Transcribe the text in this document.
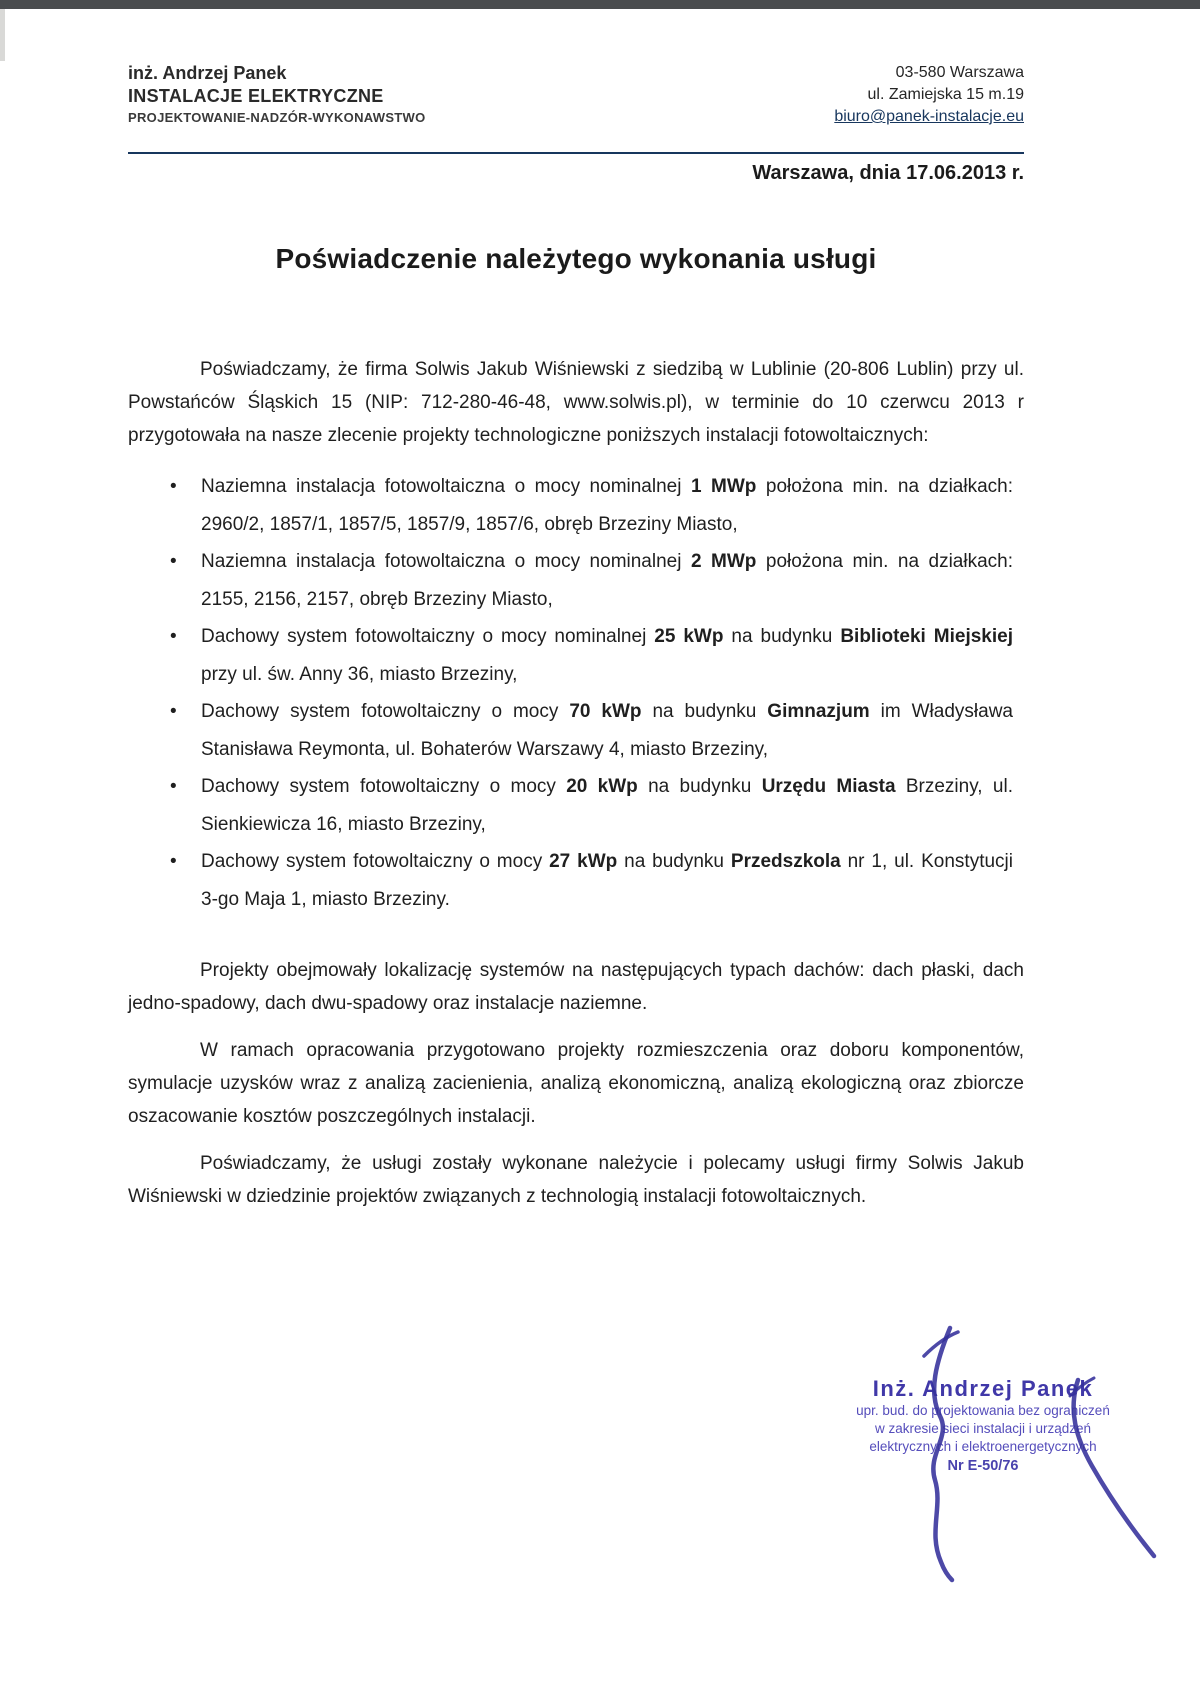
inż. Andrzej Panek
INSTALACJE ELEKTRYCZNE
PROJEKTOWANIE-NADZÓR-WYKONAWSTWO
03-580 Warszawa
ul. Zamiejska 15 m.19
biuro@panek-instalacje.eu
Warszawa, dnia 17.06.2013 r.
Poświadczenie należytego wykonania usługi

Poświadczamy, że firma Solwis Jakub Wiśniewski z siedzibą w Lublinie (20-806 Lublin) przy ul. Powstańców Śląskich 15 (NIP: 712-280-46-48, www.solwis.pl), w terminie do 10 czerwcu 2013 r przygotowała na nasze zlecenie projekty technologiczne poniższych instalacji fotowoltaicznych:

• Naziemna instalacja fotowoltaiczna o mocy nominalnej 1 MWp położona min. na działkach: 2960/2, 1857/1, 1857/5, 1857/9, 1857/6, obręb Brzeziny Miasto,
• Naziemna instalacja fotowoltaiczna o mocy nominalnej 2 MWp położona min. na działkach: 2155, 2156, 2157, obręb Brzeziny Miasto,
• Dachowy system fotowoltaiczny o mocy nominalnej 25 kWp na budynku Biblioteki Miejskiej przy ul. św. Anny 36, miasto Brzeziny,
• Dachowy system fotowoltaiczny o mocy 70 kWp na budynku Gimnazjum im Władysława Stanisława Reymonta, ul. Bohaterów Warszawy 4, miasto Brzeziny,
• Dachowy system fotowoltaiczny o mocy 20 kWp na budynku Urzędu Miasta Brzeziny, ul. Sienkiewicza 16, miasto Brzeziny,
• Dachowy system fotowoltaiczny o mocy 27 kWp na budynku Przedszkola nr 1, ul. Konstytucji 3-go Maja 1, miasto Brzeziny.

Projekty obejmowały lokalizację systemów na następujących typach dachów: dach płaski, dach jedno-spadowy, dach dwu-spadowy oraz instalacje naziemne.

W ramach opracowania przygotowano projekty rozmieszczenia oraz doboru komponentów, symulacje uzysków wraz z analizą zacienienia, analizą ekonomiczną, analizą ekologiczną oraz zbiorcze oszacowanie kosztów poszczególnych instalacji.

Poświadczamy, że usługi zostały wykonane należycie i polecamy usługi firmy Solwis Jakub Wiśniewski w dziedzinie projektów związanych z technologią instalacji fotowoltaicznych.

Inż. Andrzej Panek
upr. bud. do projektowania bez ograniczeń
w zakresie sieci instalacji i urządzeń
elektrycznych i elektroenergetycznych
Nr E-50/76
